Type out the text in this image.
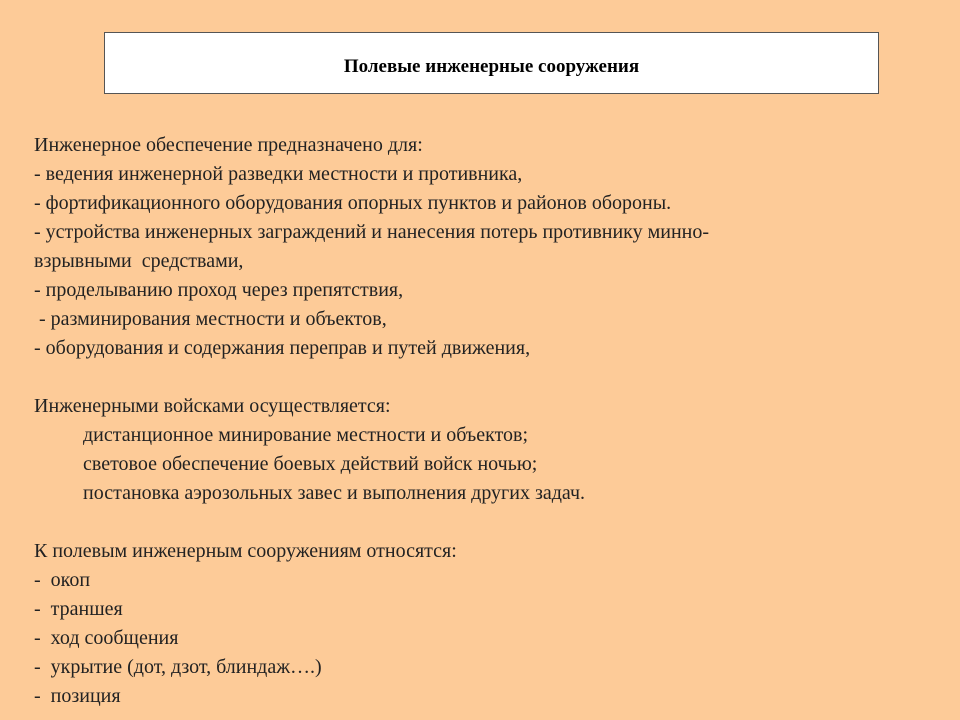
Полевые инженерные сооружения
Инженерное обеспечение предназначено для:
- ведения инженерной разведки местности и противника,
- фортификационного оборудования опорных пунктов и районов обороны.
- устройства инженерных заграждений и нанесения потерь противнику минно-
взрывными  средствами,
- проделыванию проход через препятствия,
- разминирования местности и объектов,
- оборудования и содержания переправ и путей движения,
Инженерными войсками осуществляется:
дистанционное минирование местности и объектов;
световое обеспечение боевых действий войск ночью;
постановка аэрозольных завес и выполнения других задач.
К полевым инженерным сооружениям относятся:
-  окоп
-  траншея
-  ход сообщения
-  укрытие (дот, дзот, блиндаж….)
-  позиция
